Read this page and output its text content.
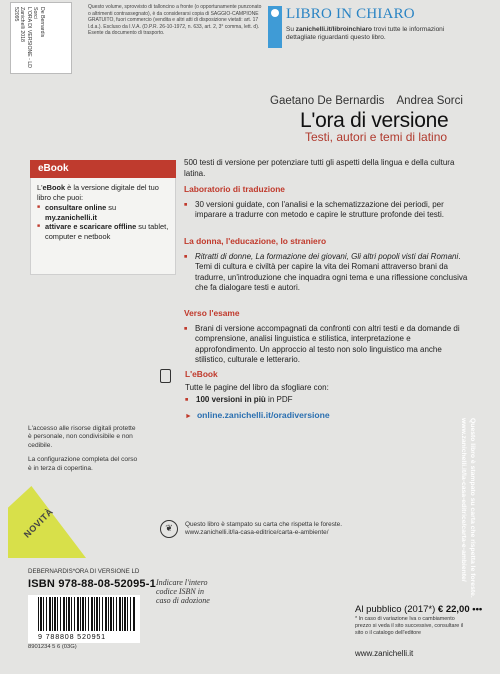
De Bernardis
Sorci
L'ORA DI VERSIONE - LD
Zanichelli 2018
52095	Questo volume, sprovvisto di talloncino a fronte (o opportunamente punzonato o altrimenti contrassegnato), è da considerarsi copia di SAGGIO-CAMPIONE GRATUITO, fuori commercio (vendita e altri atti di disposizione vietati: art. 17 l.d.a.). Escluso da I.V.A. (D.P.R. 26-10-1972, n. 633, art. 2, 3° comma, lett. d). Esente da documento di trasporto.
LIBRO IN CHIARO
Su zanichelli.it/libroinchiaro trovi tutte le informazioni dettagliate riguardanti questo libro.
Gaetano De Bernardis Andrea Sorci
L'ora di versione
Testi, autori e temi di latino
eBook
L'eBook è la versione digitale del tuo libro che puoi:
■ consultare online su my.zanichelli.it
■ attivare e scaricare offline su tablet, computer e netbook
500 testi di versione per potenziare tutti gli aspetti della lingua e della cultura latina.
Laboratorio di traduzione
■ 30 versioni guidate, con l'analisi e la schematizzazione dei periodi, per imparare a tradurre con metodo e capire le strutture profonde dei testi.
La donna, l'educazione, lo straniero
■ Ritratti di donne, La formazione dei giovani, Gli altri popoli visti dai Romani. Temi di cultura e civiltà per capire la vita dei Romani attraverso brani da tradurre, un'introduzione che inquadra ogni tema e una riflessione conclusiva che fa dialogare testi e autori.
Verso l'esame
■ Brani di versione accompagnati da confronti con altri testi e da domande di comprensione, analisi linguistica e stilistica, interpretazione e approfondimento. Un approccio al testo non solo linguistico ma anche stilistico, culturale e letterario.
L'eBook
Tutte le pagine del libro da sfogliare con:
■ 100 versioni in più in PDF
► online.zanichelli.it/oradiversione

L'accesso alle risorse digitali protette è personale, non condivisibile e non cedibile.

La configurazione completa del corso è in terza di copertina.

NOVITÀ	❦	Questo libro è stampato su carta che rispetta le foreste. www.zanichelli.it/la-casa-editrice/carta-e-ambiente/	Questo libro è stampato su carta che rispetta le foreste.
www.zanichelli.it/la-casa-editrice/carta-e-ambiente/
DEBERNARDIS*ORA DI VERSIONE LD
ISBN 978-88-08-52095-1 Indicare l'intero codice ISBN in caso di adozione
9 788808 520951
8901234 5 6 (03G)
Al pubblico (2017*) € 22,00 •••
* In caso di variazione Iva o cambiamento prezzo si veda il sito successive, consultare il sito o il catalogo dell'editore
www.zanichelli.it
